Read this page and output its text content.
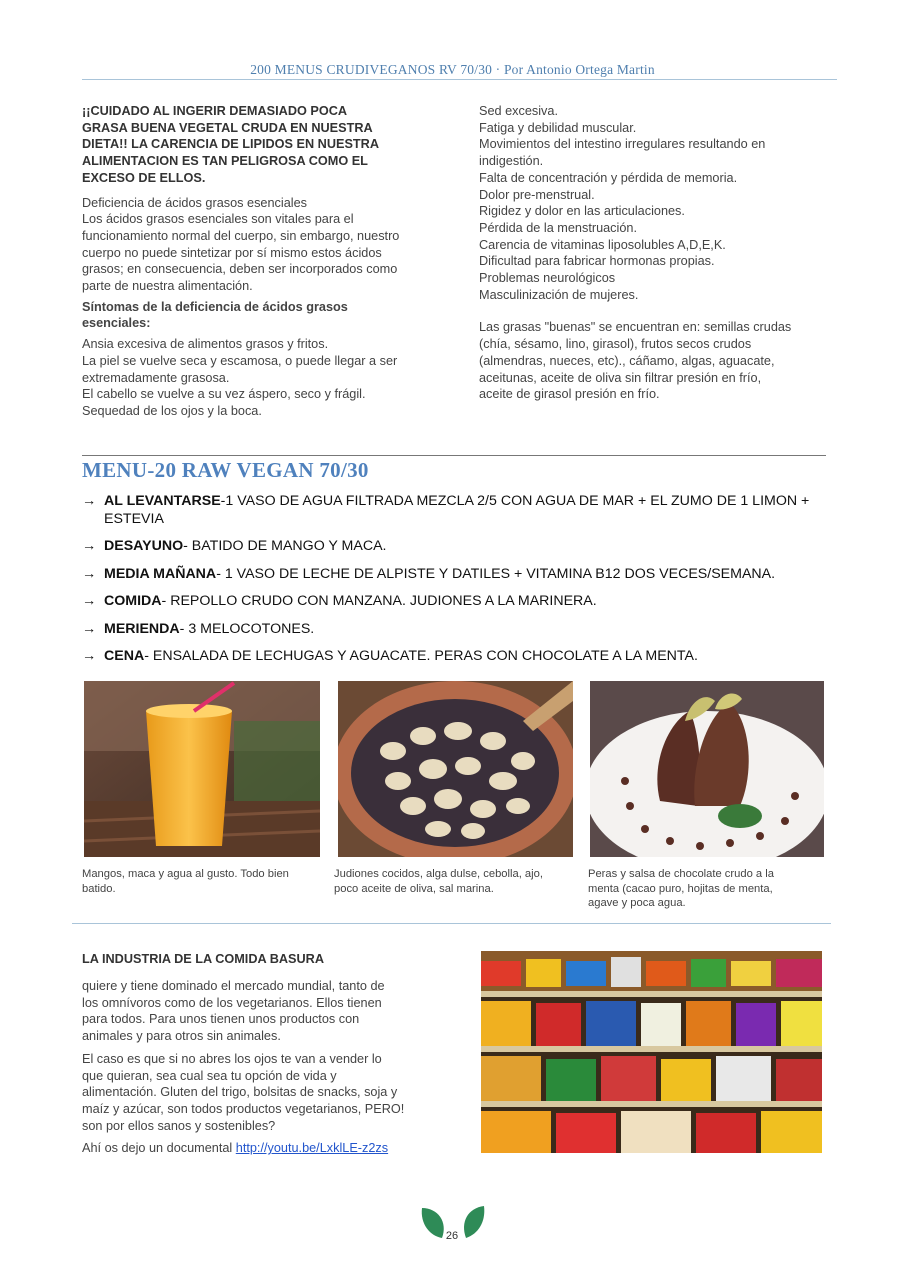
200 MENUS CRUDIVEGANOS RV 70/30 · Por Antonio Ortega Martin

¡¡CUIDADO AL INGERIR DEMASIADO POCA
GRASA BUENA VEGETAL CRUDA EN NUESTRA
DIETA!! LA CARENCIA DE LIPIDOS EN NUESTRA
ALIMENTACION ES TAN PELIGROSA COMO EL
EXCESO DE ELLOS.

Deficiencia de ácidos grasos esenciales
Los ácidos grasos esenciales son vitales para el
funcionamiento normal del cuerpo, sin embargo, nuestro
cuerpo no puede sintetizar por sí mismo estos ácidos
grasos; en consecuencia, deben ser incorporados como
parte de nuestra alimentación.

Síntomas de la deficiencia de ácidos grasos
esenciales:

Ansia excesiva de alimentos grasos y fritos.
La piel se vuelve seca y escamosa, o puede llegar a ser
extremadamente grasosa.
El cabello se vuelve a su vez áspero, seco y frágil.
Sequedad de los ojos y la boca.

Sed excesiva.
Fatiga y debilidad muscular.
Movimientos del intestino irregulares resultando en
indigestión.
Falta de concentración y pérdida de memoria.
Dolor pre-menstrual.
Rigidez y dolor en las articulaciones.
Pérdida de la menstruación.
Carencia de vitaminas liposolubles A,D,E,K.
Dificultad para fabricar hormonas propias.
Problemas neurológicos
Masculinización de mujeres.

Las grasas "buenas" se encuentran en: semillas crudas
(chía, sésamo, lino, girasol), frutos secos crudos
(almendras, nueces, etc)., cáñamo, algas, aguacate,
aceitunas, aceite de oliva sin filtrar presión en frío,
aceite de girasol presión en frío.

MENU-20 RAW VEGAN 70/30
→ AL LEVANTARSE-1 VASO DE AGUA FILTRADA MEZCLA 2/5 CON AGUA DE MAR + EL ZUMO DE 1 LIMON + ESTEVIA
→ DESAYUNO- BATIDO DE MANGO Y MACA.
→ MEDIA MAÑANA- 1 VASO DE LECHE DE ALPISTE Y DATILES + VITAMINA B12 DOS VECES/SEMANA.
→ COMIDA- REPOLLO CRUDO CON MANZANA. JUDIONES A LA MARINERA.
→ MERIENDA- 3 MELOCOTONES.
→ CENA- ENSALADA DE LECHUGAS Y AGUACATE. PERAS CON CHOCOLATE A LA MENTA.
Mangos, maca y agua al gusto. Todo bien
batido.
Judiones cocidos, alga dulse, cebolla, ajo,
poco aceite de oliva, sal marina.
Peras y salsa de chocolate crudo a la
menta (cacao puro, hojitas de menta,
agave y poca agua.
LA INDUSTRIA DE LA COMIDA BASURA

quiere y tiene dominado el mercado mundial, tanto de
los omnívoros como de los vegetarianos. Ellos tienen
para todos. Para unos tienen unos productos con
animales y para otros sin animales.

El caso es que si no abres los ojos te van a vender lo
que quieran, sea cual sea tu opción de vida y
alimentación. Gluten del trigo, bolsitas de snacks, soja y
maíz y azúcar, son todos productos vegetarianos, PERO!
son por ellos sanos y sostenibles?

Ahí os dejo un documental http://youtu.be/LxklLE-z2zs

26
